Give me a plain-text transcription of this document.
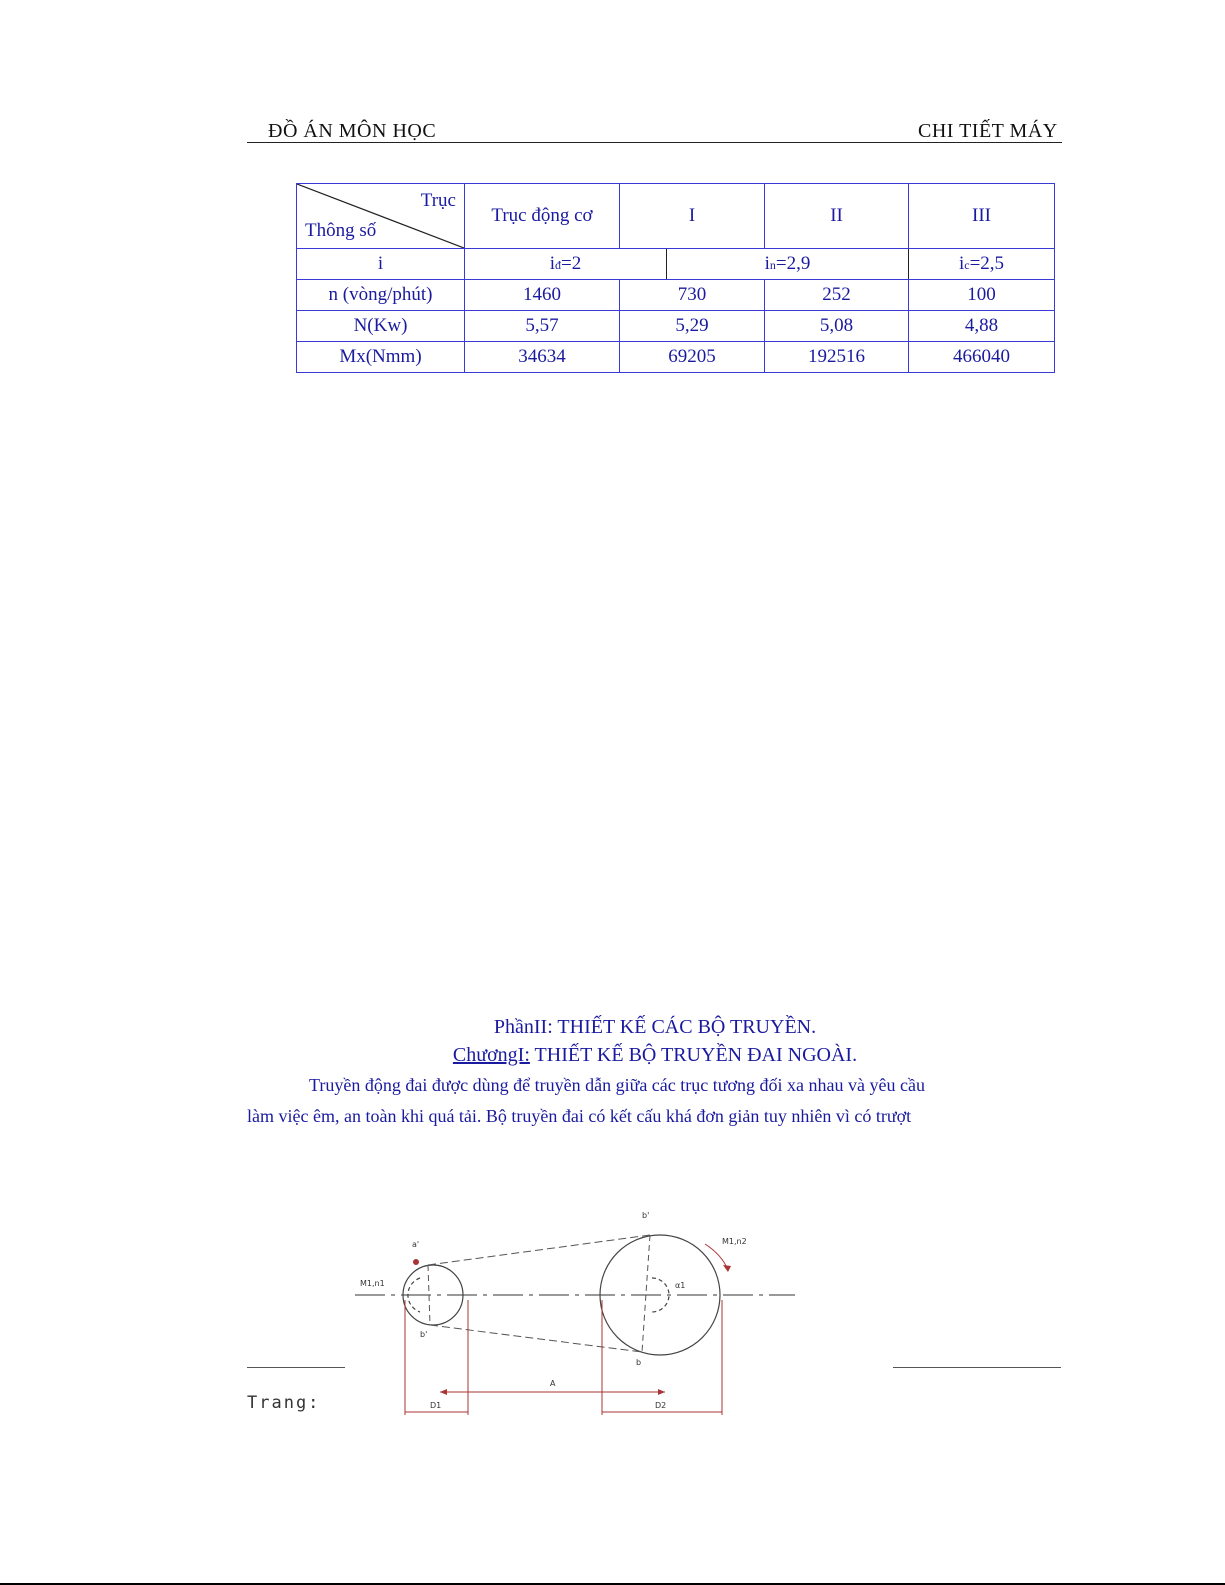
ĐỒ ÁN MÔN HỌC	CHI TIẾT MÁY
Trục
Thông số	Trục động cơ	I		II	III
i	iđ=2		in=2,9		ic=2,5
n (vòng/phút)	1460	730		252	100
N(Kw)	5,57	5,29		5,08	4,88
Mx(Nmm)	34634	69205		192516	466040
PhầnII: THIẾT KẾ CÁC BỘ TRUYỀN.
ChươngI: THIẾT KẾ BỘ TRUYỀN ĐAI NGOÀI.
Truyền động đai được dùng để truyền dẫn giữa các trục tương đối xa nhau và yêu cầu
làm việc êm, an toàn khi quá tải. Bộ truyền đai có kết cấu khá đơn giản tuy nhiên vì có trượt
a'
b'
b'
b
M1,n1
M1,n2
A
D1	D2
α1
Trang:
